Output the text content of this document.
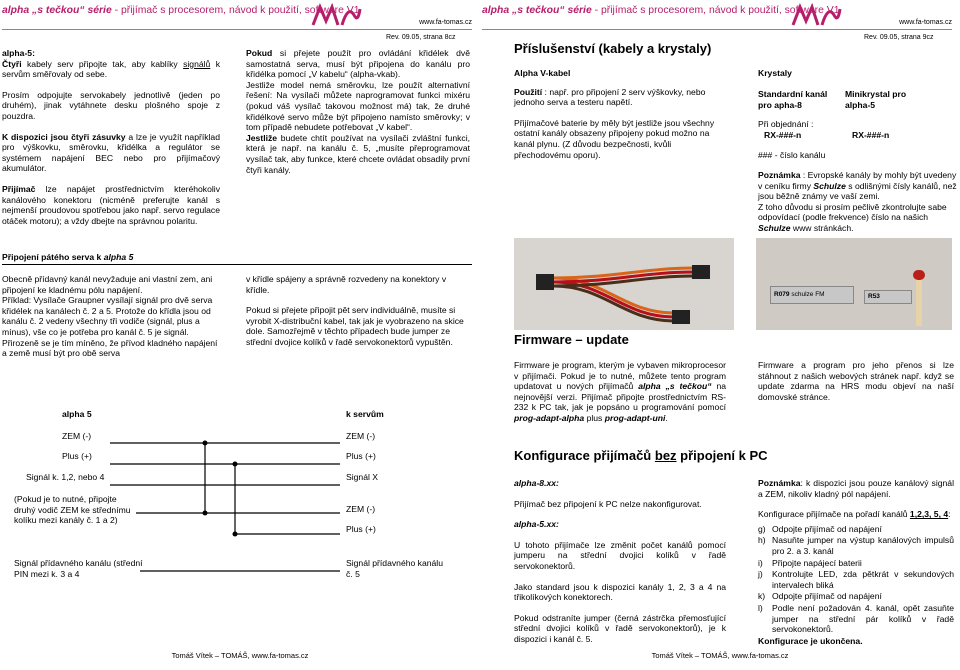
alpha „s tečkou“ série - přijímač s procesorem, návod k použití, software V1
www.fa-tomas.cz
Rev. 09.05, strana 8cz

alpha-5:

Čtyři kabely serv připojte tak, aby kablíky signálů k servům směřovaly od sebe.

Prosím odpojujte servokabely jednotlivě (jeden po druhém), jinak vytáhnete desku plošného spoje z pouzdra.

K dispozici jsou čtyři zásuvky a lze je využít například pro výškovku, směrovku, křidélka a regulátor se systémem napájení BEC nebo pro přijímačový akumulátor.

Přijímač lze napájet prostřednictvím kteréhokoliv kanálového konektoru (nicméně preferujte kanál s nejmenší proudovou spotřebou jako např. servo regulace otáček motoru); a vždy dbejte na správnou polaritu.

Pokud si přejete použít pro ovládání křidélek dvě samostatná serva, musí být připojena do kanálu pro křidélka pomocí „V kabelu“ (alpha-vkab).

Jestliže model nemá směrovku, lze použít alternativní řešení: Na vysílači můžete naprogramovat funkci mixéru (pokud váš vysílač takovou možnost má) tak, že druhé křidélkové servo může být připojeno namísto směrovky; v tom případě nebudete potřebovat „V kabel“.

Jestliže budete chtít používat na vysílači zvláštní funkci, která je např. na kanálu č. 5, „musíte přeprogramovat vysílač tak, aby funkce, které chcete ovládat obsadily první čtyři kanály.

Připojení pátého serva k alpha 5

Obecně přídavný kanál nevyžaduje ani vlastní zem, ani připojení ke kladnému pólu napájení.

Příklad: Vysílače Graupner vysílají signál pro dvě serva křidélek na kanálech č. 2 a 5. Protože do křídla jsou od kanálu č. 2 vedeny všechny tři vodiče (signál, plus a mínus), vše co je potřeba pro kanál č. 5 je signál. Přirozeně se je tím míněno, že přívod kladného napájení a země musí být pro obě serva

v křídle spájeny a správně rozvedeny na konektory v křídle.

Pokud si přejete připojit pět serv individuálně, musíte si vyrobit X-distribuční kabel, tak jak je vyobrazeno na skice dole. Samozřejmě v těchto případech bude jumper ze střední dvojice kolíků v řadě servokonektorů vypuštěn.

alpha 5	k servům
ZEM (-)	ZEM (-)
Plus (+)	Plus (+)
Signál k. 1,2, nebo 4	Signál X
(Pokud je to nutné, připojte druhý vodič ZEM ke střednímu kolíku mezi kanály č. 1 a 2)
ZEM (-)
Plus (+)
Signál přídavného kanálu (střední PIN mezi k. 3 a 4
Signál přídavného kanálu č. 5
Tomáš Vítek – TOMÁŠ, www.fa-tomas.cz
alpha „s tečkou“ série - přijímač s procesorem, návod k použití, software V1
www.fa-tomas.cz
Rev. 09.05, strana 9cz
Příslušenství (kabely a krystaly)

Alpha V-kabel

Použití : např. pro připojení 2 serv výškovky, nebo jednoho serva a testeru napětí.

Přijímačové baterie by měly být jestliže jsou všechny ostatní kanály obsazeny připojeny pokud možno na kanál plynu. (Z důvodu bezpečnosti, kvůli přechodovému oporu).

Krystaly

Standardní kanál pro apha-8
Minikrystal pro alpha-5
Při objednání :
RX-###-n	RX-###-n
### - číslo kanálu

Poznámka : Evropské kanály by mohly být uvedeny v ceníku firmy Schulze s odlišnými čísly kanálů, než jsou běžně známy ve vaší zemi.

Z toho důvodu si prosím pečlivě zkontrolujte sabe odpovídací (podle frekvence) číslo na našich Schulze www stránkách.

R079 schulze FM	R53
Firmware – update

Firmware je program, kterým je vybaven mikroprocesor v přijímači. Pokud je to nutné, můžete tento program updatovat u nových přijímačů alpha „s tečkou“ na nejnovější verzi. Přijímač připojte prostřednictvím RS-232 k PC tak, jak je popsáno u programování pomocí prog-adapt-alpha plus prog-adapt-uni.

Firmware a program pro jeho přenos si lze stáhnout z našich webových stránek např. když se update zdarma na HRS modu objeví na naší domovské stránce.
Konfigurace přijímačů bez připojení k PC

alpha-8.xx:

Přijímač bez připojení k PC nelze nakonfigurovat.

alpha-5.xx:

U tohoto přijímače lze změnit počet kanálů pomocí jumperu na střední dvojici kolíků v řadě servokonektorů.

Jako standard jsou k dispozici kanály 1, 2, 3 a 4 na třikolíkových konektorech.

Pokud odstraníte jumper (černá zástrčka přemosťující střední dvojici kolíků v řadě servokonektorů), je k dispozici i kanál č. 5.

Poznámka: k dispozici jsou pouze kanálový signál a ZEM, nikoliv kladný pól napájení.

Konfigurace přijímače na pořadí kanálů 1,2,3, 5, 4:

g) Odpojte přijímač od napájení
h) Nasuňte jumper na výstup kanálových impulsů pro 2. a 3. kanál
i) Připojte napájecí baterii
j) Kontrolujte LED, zda pětkrát v sekundových intervalech bliká
k) Odpojte přijímač od napájení
l) Podle není požadován 4. kanál, opět zasuňte jumper na střední pár kolíků v řadě servokonektorů.

Konfigurace je ukončena.

Tomáš Vítek – TOMÁŠ, www.fa-tomas.cz
